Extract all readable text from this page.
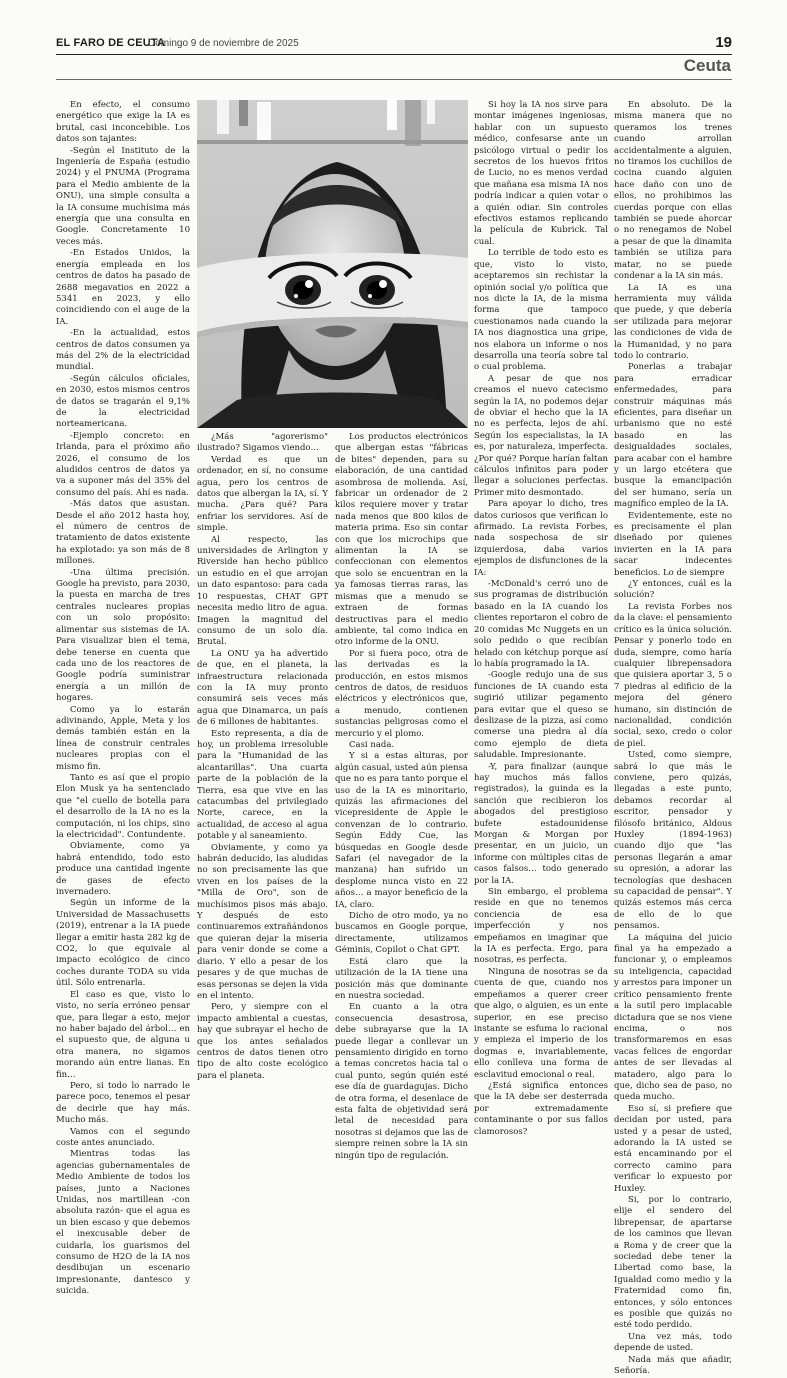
EL FARO DE CEUTA
Domingo 9 de noviembre de 2025	19
Ceuta

En efecto, el consumo energético que exige la IA es brutal, casi inconcebible. Los datos son tajantes:

-Según el Instituto de la Ingeniería de España (estudio 2024) y el PNUMA (Programa para el Medio ambiente de la ONU), una simple consulta a la IA consume muchísima más energía que una consulta en Google. Concretamente 10 veces más.

-En Estados Unidos, la energía empleada en los centros de datos ha pasado de 2688 megavatios en 2022 a 5341 en 2023, y ello coincidiendo con el auge de la IA.

-En la actualidad, estos centros de datos consumen ya más del 2% de la electricidad mundial.

-Según cálculos oficiales, en 2030, estos mismos centros de datos se tragarán el 9,1% de la electricidad norteamericana.

-Ejemplo concreto: en Irlanda, para el próximo año 2026, el consumo de los aludidos centros de datos ya va a suponer más del 35% del consumo del país. Ahí es nada.

-Más datos que asustan. Desde el año 2012 hasta hoy, el número de centros de tratamiento de datos existente ha explotado: ya son más de 8 millones.

-Una última precisión. Google ha previsto, para 2030, la puesta en marcha de tres centrales nucleares propias con un solo propósito: alimentar sus sistemas de IA. Para visualizar bien el tema, debe tenerse en cuenta que cada uno de los reactores de Google podría suministrar energía a un millón de hogares.

Como ya lo estarán adivinando, Apple, Meta y los demás también están en la línea de construir centrales nucleares propias con el mismo fin.

Tanto es así que el propio Elon Musk ya ha sentenciado que "el cuello de botella para el desarrollo de la IA no es la computación, ni los chips, sino la electricidad". Contundente.

Obviamente, como ya habrá entendido, todo esto produce una cantidad ingente de gases de efecto invernadero.

Según un informe de la Universidad de Massachusetts (2019), entrenar a la IA puede llegar a emitir hasta 282 kg de CO2, lo que equivale al impacto ecológico de cinco coches durante TODA su vida útil. Sólo entrenarla.

El caso es que, visto lo visto, no sería erróneo pensar que, para llegar a esto, mejor no haber bajado del árbol… en el supuesto que, de alguna u otra manera, no sigamos morando aún entre lianas. En fin…

Pero, si todo lo narrado le parece poco, tenemos el pesar de decirle que hay más. Mucho más.

Vamos con el segundo coste antes anunciado.

Mientras todas las agencias gubernamentales de Medio Ambiente de todos los países, junto a Naciones Unidas, nos martillean -con absoluta razón- que el agua es un bien escaso y que debemos el inexcusable deber de cuidarla, los guarismos del consumo de H2O de la IA nos desdibujan un escenario impresionante, dantesco y suicida.

¿Más "agorerismo" ilustrado? Sigamos viendo…

Verdad es que un ordenador, en sí, no consume agua, pero los centros de datos que albergan la IA, sí. Y mucha. ¿Para qué? Para enfriar los servidores. Así de simple.

Al respecto, las universidades de Arlington y Riverside han hecho público un estudio en el que arrojan un dato espantoso: para cada 10 respuestas, CHAT GPT necesita medio litro de agua. Imagen la magnitud del consumo de un solo día. Brutal.

La ONU ya ha advertido de que, en el planeta, la infraestructura relacionada con la IA muy pronto consumirá seis veces más agua que Dinamarca, un país de 6 millones de habitantes.

Esto representa, a día de hoy, un problema irresoluble para la "Humanidad de las alcantarillas". Una cuarta parte de la población de la Tierra, esa que vive en las catacumbas del privilegiado Norte, carece, en la actualidad, de acceso al agua potable y al saneamiento.

Obviamente, y como ya habrán deducido, las aludidas no son precisamente las que viven en los países de la "Milla de Oro", son de muchísimos pisos más abajo. Y después de esto continuaremos extrañándonos que quieran dejar la miseria para venir donde se come a diario. Y ello a pesar de los pesares y de que muchas de esas personas se dejen la vida en el intento.

Pero, y siempre con el impacto ambiental a cuestas, hay que subrayar el hecho de que los antes señalados centros de datos tienen otro tipo de alto coste ecológico para el planeta.

Los productos electrónicos que albergan estas "fábricas de bites" dependen, para su elaboración, de una cantidad asombrosa de molienda. Así, fabricar un ordenador de 2 kilos requiere mover y tratar nada menos que 800 kilos de materia prima. Eso sin contar con que los microchips que alimentan la IA se confeccionan con elementos que solo se encuentran en la ya famosas tierras raras, las mismas que a menudo se extraen de formas destructivas para el medio ambiente, tal como indica en otro informe de la ONU.

Por si fuera poco, otra de las derivadas es la producción, en estos mismos centros de datos, de residuos eléctricos y electrónicos que, a menudo, contienen sustancias peligrosas como el mercurio y el plomo.

Casi nada.

Y si a estas alturas, por algún casual, usted aún piensa que no es para tanto porque el uso de la IA es minoritario, quizás las afirmaciones del vicepresidente de Apple le convenzan de lo contrario. Según Eddy Cue, las búsquedas en Google desde Safari (el navegador de la manzana) han sufrido un desplome nunca visto en 22 años… a mayor beneficio de la IA, claro.

Dicho de otro modo, ya no buscamos en Google porque, directamente, utilizamos Géminis, Copilot o Chat GPT.

Está claro que la utilización de la IA tiene una posición más que dominante en nuestra sociedad.

En cuanto a la otra consecuencia desastrosa, debe subrayarse que la IA puede llegar a conllevar un pensamiento dirigido en torno a temas concretos hacia tal o cual punto, según quién esté ese día de guardagujas. Dicho de otra forma, el desenlace de esta falta de objetividad será letal de necesidad para nosotras si dejamos que las de siempre reinen sobre la IA sin ningún tipo de regulación.

Si hoy la IA nos sirve para montar imágenes ingeniosas, hablar con un supuesto médico, confesarse ante un psicólogo virtual o pedir los secretos de los huevos fritos de Lucio, no es menos verdad que mañana esa misma IA nos podría indicar a quien votar o a quién odiar. Sin controles efectivos estamos replicando la película de Kubrick. Tal cual.

Lo terrible de todo esto es que, visto lo visto, aceptaremos sin rechistar la opinión social y/o política que nos dicte la IA, de la misma forma que tampoco cuestionamos nada cuando la IA nos diagnostica una gripe, nos elabora un informe o nos desarrolla una teoría sobre tal o cual problema.

A pesar de que nos creamos el nuevo catecismo según la IA, no podemos dejar de obviar el hecho que la IA no es perfecta, lejos de ahí. Según los especialistas, la IA es, por naturaleza, imperfecta. ¿Por qué? Porque harían faltan cálculos infinitos para poder llegar a soluciones perfectas. Primer mito desmontado.

Para apoyar lo dicho, tres datos curiosos que verifican lo afirmado. La revista Forbes, nada sospechosa de sir izquierdosa, daba varios ejemplos de disfunciones de la IA:

-McDonald's cerró uno de sus programas de distribución basado en la IA cuando los clientes reportaron el cobro de 20 comidas Mc Nuggets en un solo pedido o que recibían helado con kétchup porque así lo había programado la IA.

-Google redujo una de sus funciones de IA cuando esta sugirió utilizar pegamento para evitar que el queso se deslizase de la pizza, así como comerse una piedra al día como ejemplo de dieta saludable. Impresionante.

-Y, para finalizar (aunque hay muchos más fallos registrados), la guinda es la sanción que recibieron los abogados del prestigioso bufete estadounidense Morgan & Morgan por presentar, en un juicio, un informe con múltiples citas de casos falsos… todo generado por la IA.

Sin embargo, el problema reside en que no tenemos conciencia de esa imperfección y nos empeñamos en imaginar que la IA es perfecta. Ergo, para nosotras, es perfecta.

Ninguna de nosotras se da cuenta de que, cuando nos empeñamos a querer creer que algo, o alguien, es un ente superior, en ese preciso instante se esfuma lo racional y empieza el imperio de los dogmas e, invariablemente, ello conlleva una forma de esclavitud emocional o real.

¿Está significa entonces que la IA debe ser desterrada por extremadamente contaminante o por sus fallos clamorosos?

En absoluto. De la misma manera que no queramos los trenes cuando arrollan accidentalmente a alguien, no tiramos los cuchillos de cocina cuando alguien hace daño con uno de ellos, no prohibimos las cuerdas porque con ellas también se puede ahorcar o no renegamos de Nobel a pesar de que la dinamita también se utiliza para matar, no se puede condenar a la IA sin más.

La IA es una herramienta muy válida que puede, y que debería ser utilizada para mejorar las condiciones de vida de la Humanidad, y no para todo lo contrario.

Ponerlas a trabajar para erradicar enfermedades, para construir máquinas más eficientes, para diseñar un urbanismo que no esté basado en las desigualdades sociales, para acabar con el hambre y un largo etcétera que busque la emancipación del ser humano, sería un magnífico empleo de la IA.

Evidentemente, este no es precisamente el plan diseñado por quienes invierten en la IA para sacar indecentes beneficios. Lo de siempre

¿Y entonces, cuál es la solución?

La revista Forbes nos da la clave: el pensamiento crítico es la única solución. Pensar y ponerlo todo en duda, siempre, como haría cualquier librepensadora que quisiera aportar 3, 5 o 7 piedras al edificio de la mejora del género humano, sin distinción de nacionalidad, condición social, sexo, credo o color de piel.

Usted, como siempre, sabrá lo que más le conviene, pero quizás, llegadas a este punto, debamos recordar al escritor, pensador y filósofo británico, Aldous Huxley (1894-1963) cuando dijo que "las personas llegarán a amar su opresión, a adorar las tecnologías que deshacen su capacidad de pensar". Y quizás estemos más cerca de ello de lo que pensamos.

La máquina del juicio final ya ha empezado a funcionar y, o empleamos su inteligencia, capacidad y arrestos para imponer un crítico pensamiento frente a la sutil pero implacable dictadura que se nos viene encima, o nos transformaremos en esas vacas felices de engordar antes de ser llevadas al matadero, algo para lo que, dicho sea de paso, no queda mucho.

Eso sí, si prefiere que decidan por usted, para usted y a pesar de usted, adorando la IA usted se está encaminando por el correcto camino para verificar lo expuesto por Huxley.

Si, por lo contrario, elije el sendero del librepensar, de apartarse de los caminos que llevan a Roma y de creer que la sociedad debe tener la Libertad como base, la Igualdad como medio y la Fraternidad como fin, entonces, y sólo entonces es posible que quizás no esté todo perdido.

Una vez más, todo depende de usted.

Nada más que añadir, Señoría.
